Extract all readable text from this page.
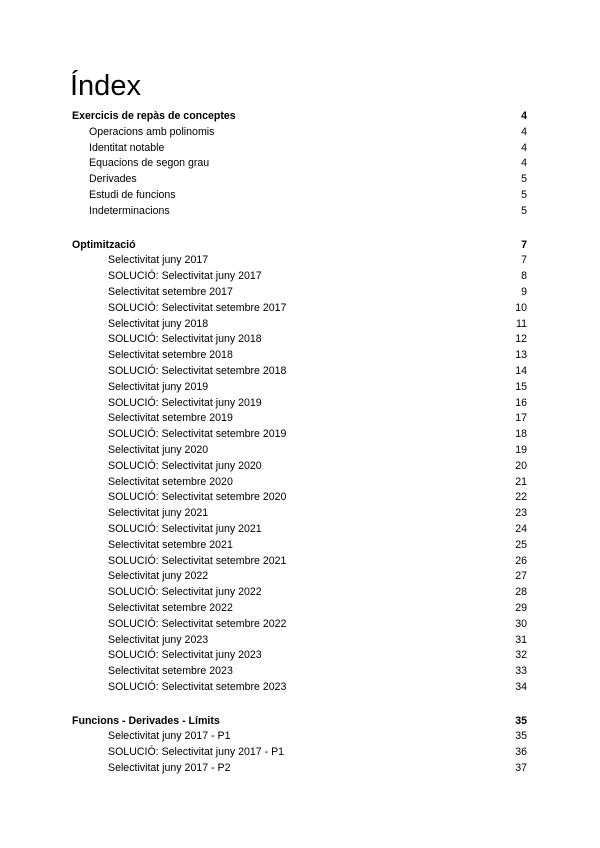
Índex
Exercicis de repàs de conceptes	4
Operacions amb polinomis	4
Identitat notable	4
Equacions de segon grau	4
Derivades	5
Estudi de funcions	5
Indeterminacions	5
Optimització	7
Selectivitat juny 2017	7
SOLUCIÓ: Selectivitat juny 2017	8
Selectivitat setembre 2017	9
SOLUCIÓ: Selectivitat setembre 2017	10
Selectivitat juny 2018	11
SOLUCIÓ: Selectivitat juny 2018	12
Selectivitat setembre 2018	13
SOLUCIÓ: Selectivitat setembre 2018	14
Selectivitat juny 2019	15
SOLUCIÓ: Selectivitat juny 2019	16
Selectivitat setembre 2019	17
SOLUCIÓ: Selectivitat setembre 2019	18
Selectivitat juny 2020	19
SOLUCIÓ: Selectivitat juny 2020	20
Selectivitat setembre 2020	21
SOLUCIÓ: Selectivitat setembre 2020	22
Selectivitat juny 2021	23
SOLUCIÓ: Selectivitat juny 2021	24
Selectivitat setembre 2021	25
SOLUCIÓ: Selectivitat setembre 2021	26
Selectivitat juny 2022	27
SOLUCIÓ: Selectivitat juny 2022	28
Selectivitat setembre 2022	29
SOLUCIÓ: Selectivitat setembre 2022	30
Selectivitat juny 2023	31
SOLUCIÓ: Selectivitat juny 2023	32
Selectivitat setembre 2023	33
SOLUCIÓ: Selectivitat setembre 2023	34
Funcions - Derivades - Límits	35
Selectivitat juny 2017 - P1	35
SOLUCIÓ: Selectivitat juny 2017 - P1	36
Selectivitat juny 2017 - P2	37
